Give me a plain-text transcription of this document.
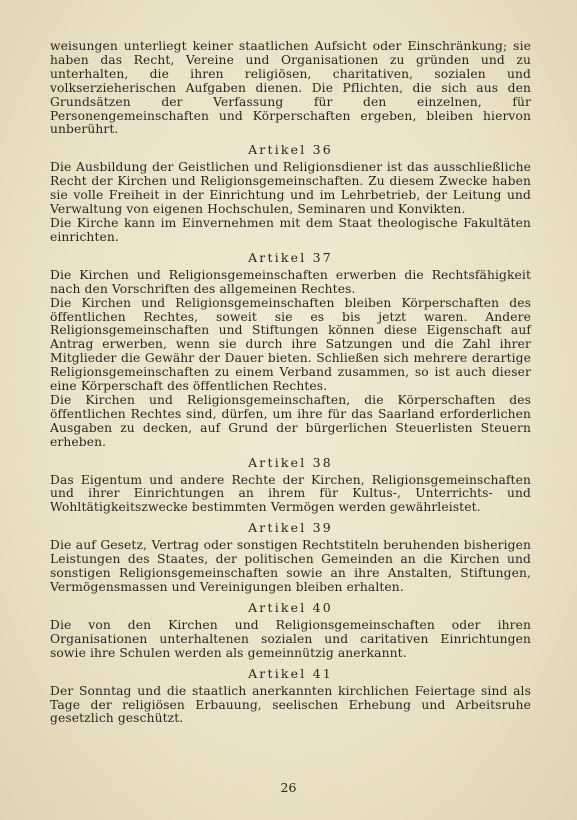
weisungen unterliegt keiner staatlichen Aufsicht oder Einschränkung; sie haben das Recht, Vereine und Organisationen zu gründen und zu unterhalten, die ihren religiösen, charitativen, sozialen und volkserzieherischen Aufgaben dienen. Die Pflichten, die sich aus den Grundsätzen der Verfassung für den einzelnen, für Personengemeinschaften und Körperschaften ergeben, bleiben hiervon unberührt.

Artikel 36

Die Ausbildung der Geistlichen und Religionsdiener ist das ausschließliche Recht der Kirchen und Religionsgemeinschaften. Zu diesem Zwecke haben sie volle Freiheit in der Einrichtung und im Lehrbetrieb, der Leitung und Verwaltung von eigenen Hochschulen, Seminaren und Konvikten.

Die Kirche kann im Einvernehmen mit dem Staat theologische Fakultäten einrichten.

Artikel 37

Die Kirchen und Religionsgemeinschaften erwerben die Rechtsfähigkeit nach den Vorschriften des allgemeinen Rechtes.

Die Kirchen und Religionsgemeinschaften bleiben Körperschaften des öffentlichen Rechtes, soweit sie es bis jetzt waren. Andere Religionsgemeinschaften und Stiftungen können diese Eigenschaft auf Antrag erwerben, wenn sie durch ihre Satzungen und die Zahl ihrer Mitglieder die Gewähr der Dauer bieten. Schließen sich mehrere derartige Religionsgemeinschaften zu einem Verband zusammen, so ist auch dieser eine Körperschaft des öffentlichen Rechtes.

Die Kirchen und Religionsgemeinschaften, die Körperschaften des öffentlichen Rechtes sind, dürfen, um ihre für das Saarland erforderlichen Ausgaben zu decken, auf Grund der bürgerlichen Steuerlisten Steuern erheben.

Artikel 38

Das Eigentum und andere Rechte der Kirchen, Religionsgemeinschaften und ihrer Einrichtungen an ihrem für Kultus-, Unterrichts- und Wohltätigkeitszwecke bestimmten Vermögen werden gewährleistet.

Artikel 39

Die auf Gesetz, Vertrag oder sonstigen Rechtstiteln beruhenden bisherigen Leistungen des Staates, der politischen Gemeinden an die Kirchen und sonstigen Religionsgemeinschaften sowie an ihre Anstalten, Stiftungen, Vermögensmassen und Vereinigungen bleiben erhalten.

Artikel 40

Die von den Kirchen und Religionsgemeinschaften oder ihren Organisationen unterhaltenen sozialen und caritativen Einrichtungen sowie ihre Schulen werden als gemeinnützig anerkannt.

Artikel 41

Der Sonntag und die staatlich anerkannten kirchlichen Feiertage sind als Tage der religiösen Erbauung, seelischen Erhebung und Arbeitsruhe gesetzlich geschützt.

26
